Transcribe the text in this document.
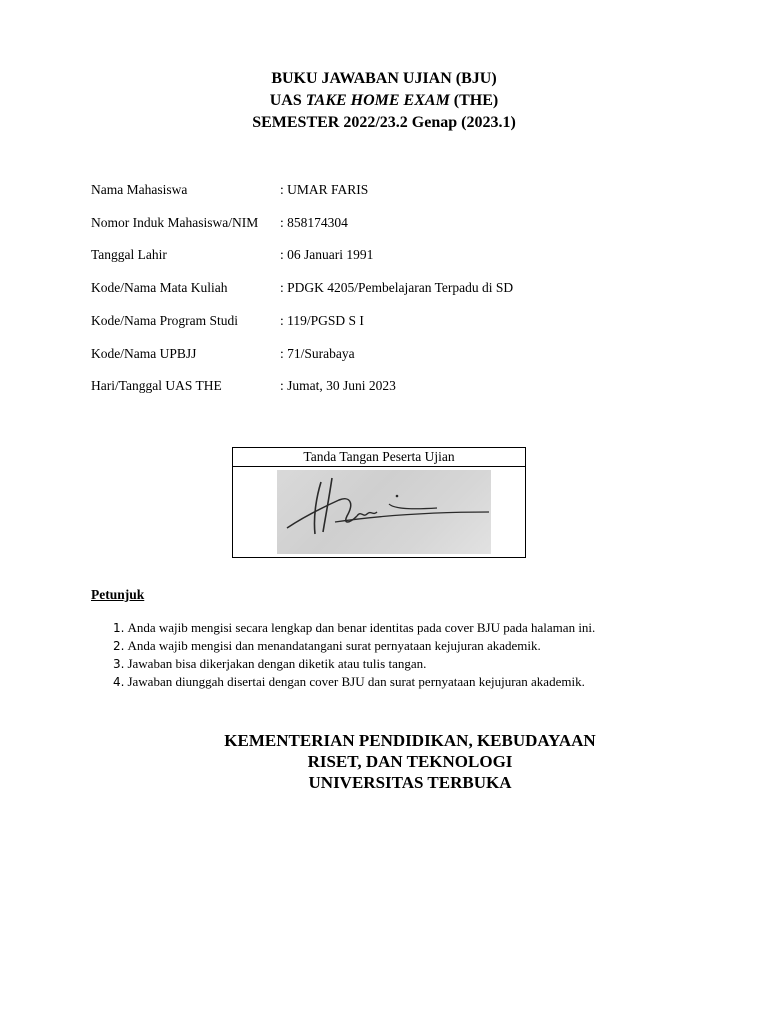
BUKU JAWABAN UJIAN (BJU)
UAS TAKE HOME EXAM (THE)
SEMESTER 2022/23.2 Genap (2023.1)
Nama Mahasiswa	: UMAR FARIS
Nomor Induk Mahasiswa/NIM : 858174304
Tanggal Lahir	: 06 Januari 1991
Kode/Nama Mata Kuliah	: PDGK 4205/Pembelajaran Terpadu di SD
Kode/Nama Program Studi	: 119/PGSD S I
Kode/Nama UPBJJ	: 71/Surabaya
Hari/Tanggal UAS THE	: Jumat, 30 Juni 2023
Tanda Tangan Peserta Ujian
Petunjuk
1. Anda wajib mengisi secara lengkap dan benar identitas pada cover BJU pada halaman ini.
2. Anda wajib mengisi dan menandatangani surat pernyataan kejujuran akademik.
3. Jawaban bisa dikerjakan dengan diketik atau tulis tangan.
4. Jawaban diunggah disertai dengan cover BJU dan surat pernyataan kejujuran akademik.
KEMENTERIAN PENDIDIKAN, KEBUDAYAAN
RISET, DAN TEKNOLOGI
UNIVERSITAS TERBUKA
